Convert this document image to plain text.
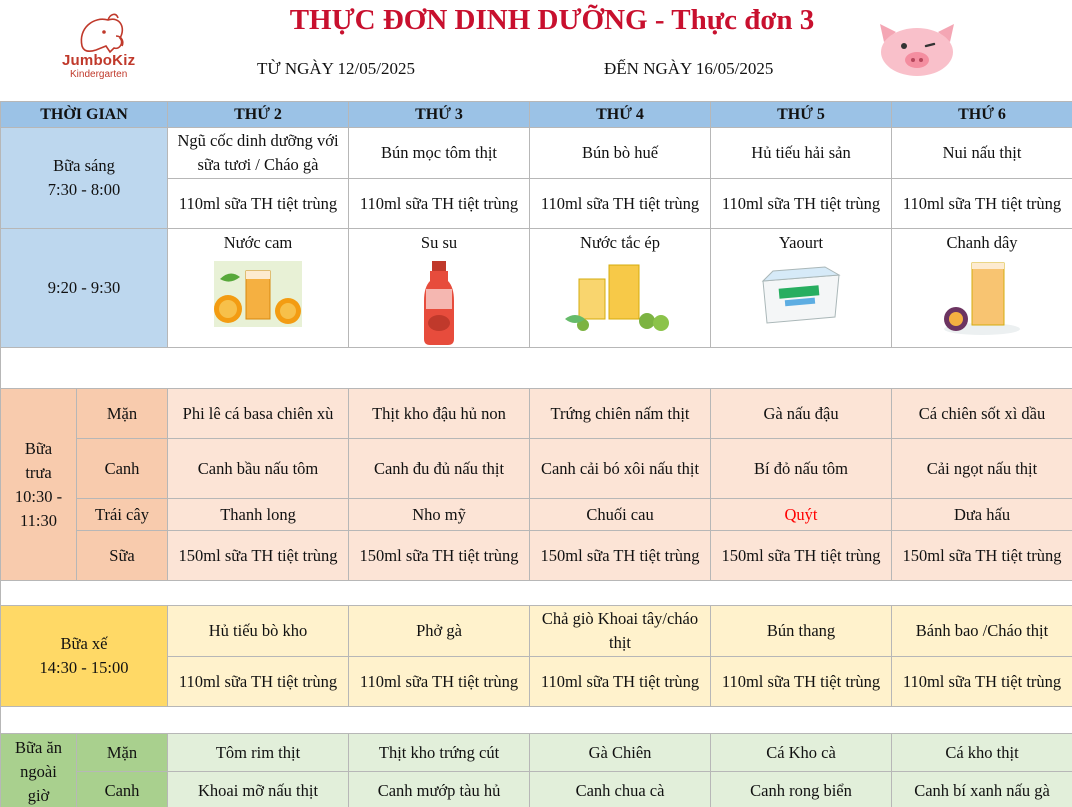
JumboKiz
Kindergarten
THỰC ĐƠN DINH DƯỠNG - Thực đơn 3
TỪ NGÀY 12/05/2025	ĐẾN NGÀY 16/05/2025
THỜI GIAN		THỨ 2	THỨ 3	THỨ 4	THỨ 5	THỨ 6

Bữa sáng
7:30 - 8:00		Ngũ cốc dinh dưỡng với sữa tươi / Cháo gà	Bún mọc tôm thịt	Bún bò huế	Hủ tiếu hải sản	Nui nấu thịt
		110ml sữa TH tiệt trùng	110ml sữa TH tiệt trùng	110ml sữa TH tiệt trùng	110ml sữa TH tiệt trùng	110ml sữa TH tiệt trùng
9:20 - 9:30		Nước cam	Su su	Nước tắc ép	Yaourt	Chanh dây

Bữa
trưa
10:30 -
11:30	Mặn	Phi lê cá basa chiên xù	Thịt kho đậu hủ non	Trứng chiên nấm thịt	Gà nấu đậu	Cá chiên sốt xì dầu
	Canh	Canh bầu nấu tôm	Canh đu đủ nấu thịt	Canh cải bó xôi nấu thịt	Bí đỏ nấu tôm	Cải ngọt nấu thịt
	Trái cây	Thanh long	Nho mỹ	Chuối cau	Quýt	Dưa hấu
	Sữa	150ml sữa TH tiệt trùng	150ml sữa TH tiệt trùng	150ml sữa TH tiệt trùng	150ml sữa TH tiệt trùng	150ml sữa TH tiệt trùng

Bữa xế
14:30 - 15:00		Hủ tiếu bò kho	Phở gà	Chả giò Khoai tây/cháo thịt	Bún thang	Bánh bao /Cháo thịt
		110ml sữa TH tiệt trùng	110ml sữa TH tiệt trùng	110ml sữa TH tiệt trùng	110ml sữa TH tiệt trùng	110ml sữa TH tiệt trùng

Bữa ăn
ngoài
giờ	Mặn	Tôm rim thịt	Thịt kho trứng cút	Gà Chiên	Cá Kho cà	Cá kho thịt
	Canh	Khoai mỡ nấu thịt	Canh mướp tàu hủ	Canh chua cà	Canh rong biển	Canh bí xanh nấu gà
